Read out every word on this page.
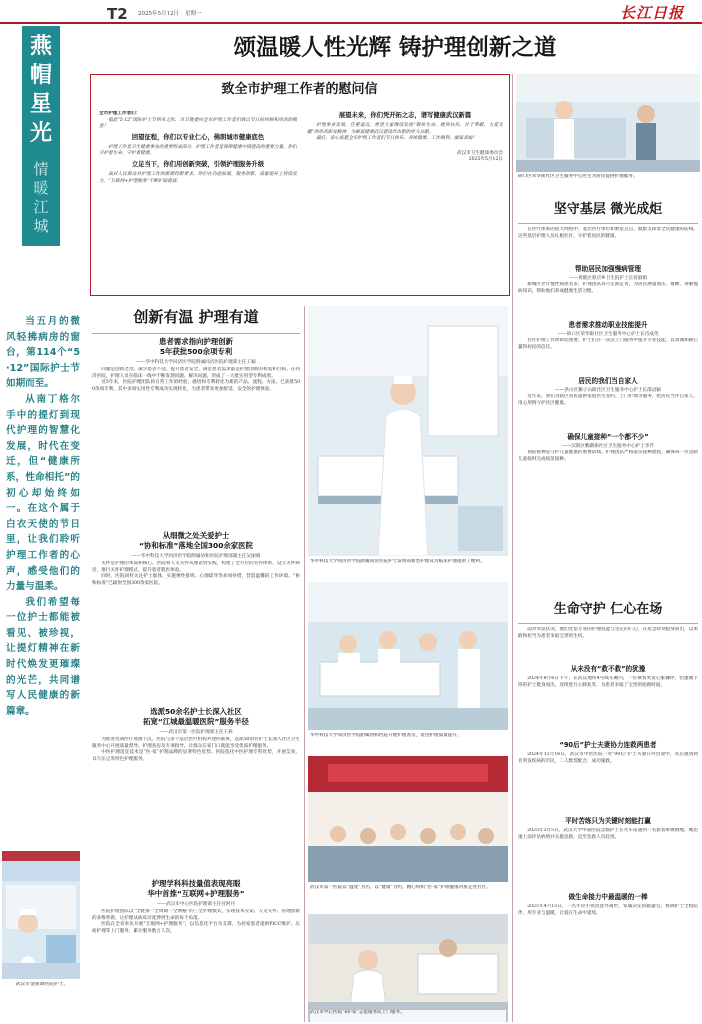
T2 2025年5月12日 星期一	长江日报
燕帽星光
情暖江城
当五月的微风轻拂病房的窗台，第114个“5·12”国际护士节如期而至。
从南丁格尔手中的提灯到现代护理的智慧化发展，时代在变迁，但“健康所系，性命相托”的初心却始终如一。在这个属于白衣天使的节日里，让我们聆听护理工作者的心声，感受他们的力量与温柔。
我们希望每一位护士都能被看见、被珍视，让提灯精神在新时代焕发更璀璨的光芒，共同谱写人民健康的新篇章。
武汉市金银潭医院护士。
颂温暖人性光辉 铸护理创新之道
致全市护理工作者的慰问信
全市护理工作者们：
值此“5·12”国际护士节到来之际，市卫健委向全市护理工作者们致以节日的问候和崇高的敬意！
回望征程，你们以专业仁心，佛朗城市健康底色
护理工作是卫生健康事业的重要组成部分，护理工作者是保障健康中国建设的重要力量。你们守护着生命，守护着健康。
立足当下，你们用创新突破，引领护理服务升级
面对人民群众对护理工作的新期待新要求，你们在功能拓展、服务创新、质量提升上持续发力，“互联网+护理服务”不断扩面提质。
展望未来，你们凭开拓之志，谱写健康武汉新篇
护理事业发展，任重道远。希望大家继续发扬“敬佑生命、救死扶伤、甘于奉献、大爱无疆”的崇高职业精神，为推进健康武汉建设作出新的更大贡献。
最后，衷心祝愿全市护理工作者们节日快乐、身体健康、工作顺利、阖家幸福！
武汉市卫生健康委员会
2025年5月12日
创新有温 护理有道
患者需求指向护理创新
5年获批500余项专利
——华中科技大学同济医学院附属同济医院护理部主任王颖
问题是创新之母。减少患者不适、提升患者安全，满足患者需求都是护理创新的初衷和目标。在同济医院，护理人员在临床一线中不断发现问题、解决问题，形成了一大批实用型专利成果。
近5年来，医院护理团队将日常工作的经验、感悟和专利转化为新的产品、流程、方法，已获批500余项专利，其中多项实用性专利成功实现转化，为患者带来更加舒适、安全的护理体验。
从细微之处关爱护士
“协和标准”落地全国300余家医院
——华中科技大学同济医学院附属协和医院护理部副主任吴丽娟
关怀是护理的本质和核心。医院将人文关怀从理论到实践，构建了全方位的关怀体系，设立关怀病房，推行关怀护理模式，提升患者就医体验。
同时，医院同样关注护士群体，实施弹性排班、心理疏导等多项举措，营造温馨的工作环境。“协和标准”已辐射全国300余家医院。
选派50余名护士长深入社区
拓宽“江城最温暖医院”服务半径
——武汉市第一医院护理部主任王莉
为推进优质医疗资源下沉，医院与多个基层医疗机构共建医联体，选派50余名护士长深入社区卫生服务中心开展质量督导、护理查房及专项指导，让群众在家门口就能享受优质护理服务。
中医护理适宜技术是“医·家”护理品牌的显著特色优势。医院依托中医护理专科优势，开展艾灸、耳穴压豆等特色护理服务。
护理学科科技量值表现亮眼
华中首推“互联网+护理服务”
——武汉市中心医院护理部主任付阿丹
医院护理团队以“全链条一全周期一全网格”的三全护理模式，实现技术兑诺、人文关怀、管理创新的多维革新，让护理从病床旁延伸到生命的每个角落。
医院在全省率先开展“互联网+护理服务”，以信息化平台为支撑，为居家患者提供PICC维护、压疮护理等上门服务，累计服务数万人次。
华中科技大学同济医学院附属同济医院护士发明的新型护理床为临床护理提供了便利。
华中科技大学同济医学院附属协和医院开展护理查房，促进护理质量提升。
武汉市第一医院以“温度”为名，以“健康”为约，精心组织“医·家”护理健康讲座走进社区。
武汉市中心医院“e护家”志愿服务队上门服务。
硚口区荣华街社区卫生服务中心医生为居民提供护理服务。
坚守基层 微光成炬
在医疗体系的庞大网络中，基层医疗单位如繁星点点，默默支撑着全民健康的防线。这些基层护理人员扎根社区，守护着居民的健康。
帮助居民加强慢病管理
——黄陂区蔡店乡卫生院护士长曾淑娟
新城区老年慢性病患者多，护理团队每月定期走访，为居民测量血压、血糖，讲解慢病知识，帮助他们养成健康生活习惯。
患者需求推动职业技能提升
——硚口区荣华街社区卫生服务中心护士长肖成英
社区护理工作琐碎而重要，护士们在一次次上门服务中提升专业技能，以真诚和耐心赢得居民的信任。
居民的我们当自家人
——洪山区狮子山街社区卫生服务中心护士长邵冠颖
近年来，我们为辖区居民提供家庭医生签约、上门护理等服务，把居民当作自家人，用心用情守护社区健康。
确保儿童接种“一个都不少”
——汉阳区鹦鹉街社区卫生服务中心护士李芹
预防接种是守护儿童健康的重要防线。护理团队严格落实接种流程，确保每一位适龄儿童按时完成疫苗接种。
生命守护 仁心在场
面对突发状况，他们凭借专业的护理技能与坚定的仁心，在危急时刻挺身而出，以果敢和担当为患者争取宝贵的生机。
从未没有“救不救”的犹豫
2024年8月6日下午，在武汉地铁4号线车厢内，一位乘客突发心脏骤停，恰逢刚下班的护士挺身而出，连续进行心肺复苏，为患者争取了宝贵的抢救时间。
“90后”护士夫妻协力连救两患者
2024年11月16日，武汉市中医医院一对“90后”护士夫妻在外出途中，先后遇到两名突发疾病的市民，二人默契配合，成功施救。
平时苦练只为关键时刻能打赢
2025年3月5日，武汉大学中南医院急救护士在火车站遇到一名旅客晕厥倒地，她迅速上前评估病情并实施急救，直至急救人员赶到。
做生命接力中最温暖的一棒
2025年4月15日，一名年轻小伙因意外离世，家属决定捐献器官。协调护士全程陪伴，用专业与温暖，让爱在生命中延续。
